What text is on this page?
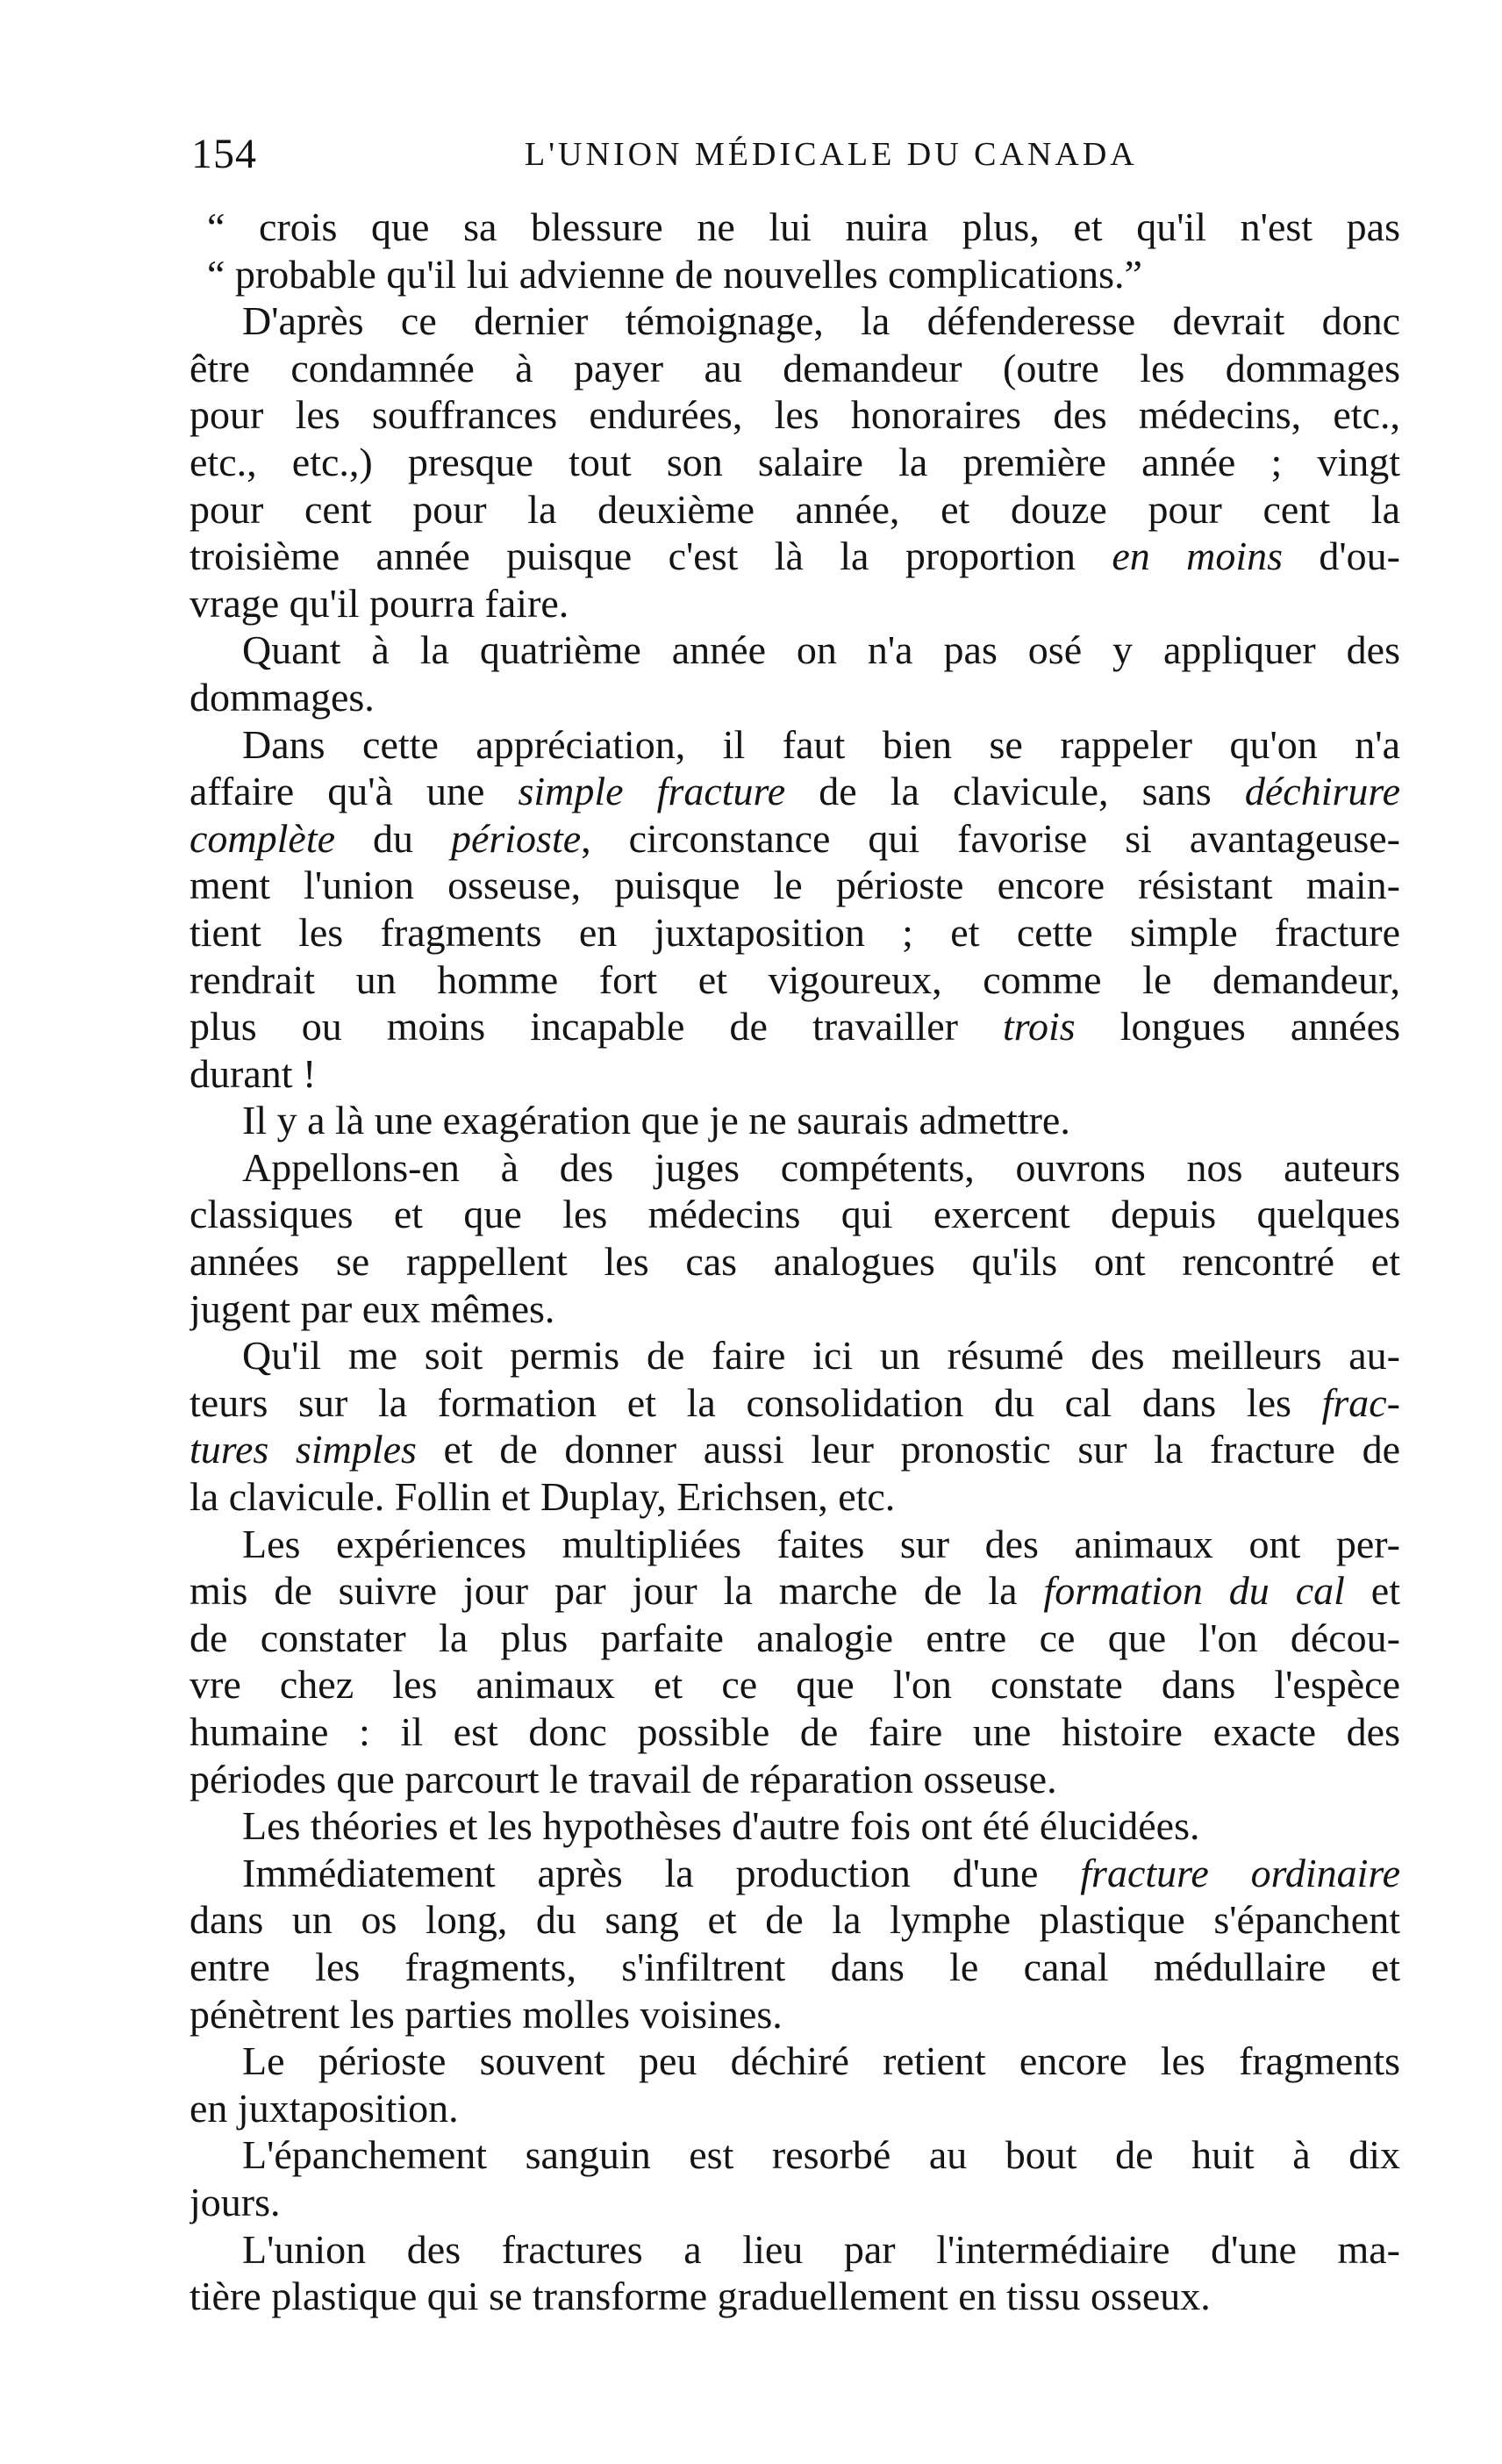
154	L'UNION MÉDICALE DU CANADA
“ crois que sa blessure ne lui nuira plus, et qu'il n'est pas
“ probable qu'il lui advienne de nouvelles complications.”
D'après ce dernier témoignage, la défenderesse devrait donc
être condamnée à payer au demandeur (outre les dommages
pour les souffrances endurées, les honoraires des médecins, etc.,
etc., etc.,) presque tout son salaire la première année ; vingt
pour cent pour la deuxième année, et douze pour cent la
troisième année puisque c'est là la proportion en moins d'ou-
vrage qu'il pourra faire.
Quant à la quatrième année on n'a pas osé y appliquer des
dommages.
Dans cette appréciation, il faut bien se rappeler qu'on n'a
affaire qu'à une simple fracture de la clavicule, sans déchirure
complète du périoste, circonstance qui favorise si avantageuse-
ment l'union osseuse, puisque le périoste encore résistant main-
tient les fragments en juxtaposition ; et cette simple fracture
rendrait un homme fort et vigoureux, comme le demandeur,
plus ou moins incapable de travailler trois longues années
durant !
Il y a là une exagération que je ne saurais admettre.
Appellons-en à des juges compétents, ouvrons nos auteurs
classiques et que les médecins qui exercent depuis quelques
années se rappellent les cas analogues qu'ils ont rencontré et
jugent par eux mêmes.
Qu'il me soit permis de faire ici un résumé des meilleurs au-
teurs sur la formation et la consolidation du cal dans les frac-
tures simples et de donner aussi leur pronostic sur la fracture de
la clavicule. Follin et Duplay, Erichsen, etc.
Les expériences multipliées faites sur des animaux ont per-
mis de suivre jour par jour la marche de la formation du cal et
de constater la plus parfaite analogie entre ce que l'on décou-
vre chez les animaux et ce que l'on constate dans l'espèce
humaine : il est donc possible de faire une histoire exacte des
périodes que parcourt le travail de réparation osseuse.
Les théories et les hypothèses d'autre fois ont été élucidées.
Immédiatement après la production d'une fracture ordinaire
dans un os long, du sang et de la lymphe plastique s'épanchent
entre les fragments, s'infiltrent dans le canal médullaire et
pénètrent les parties molles voisines.
Le périoste souvent peu déchiré retient encore les fragments
en juxtaposition.
L'épanchement sanguin est resorbé au bout de huit à dix
jours.
L'union des fractures a lieu par l'intermédiaire d'une ma-
tière plastique qui se transforme graduellement en tissu osseux.
